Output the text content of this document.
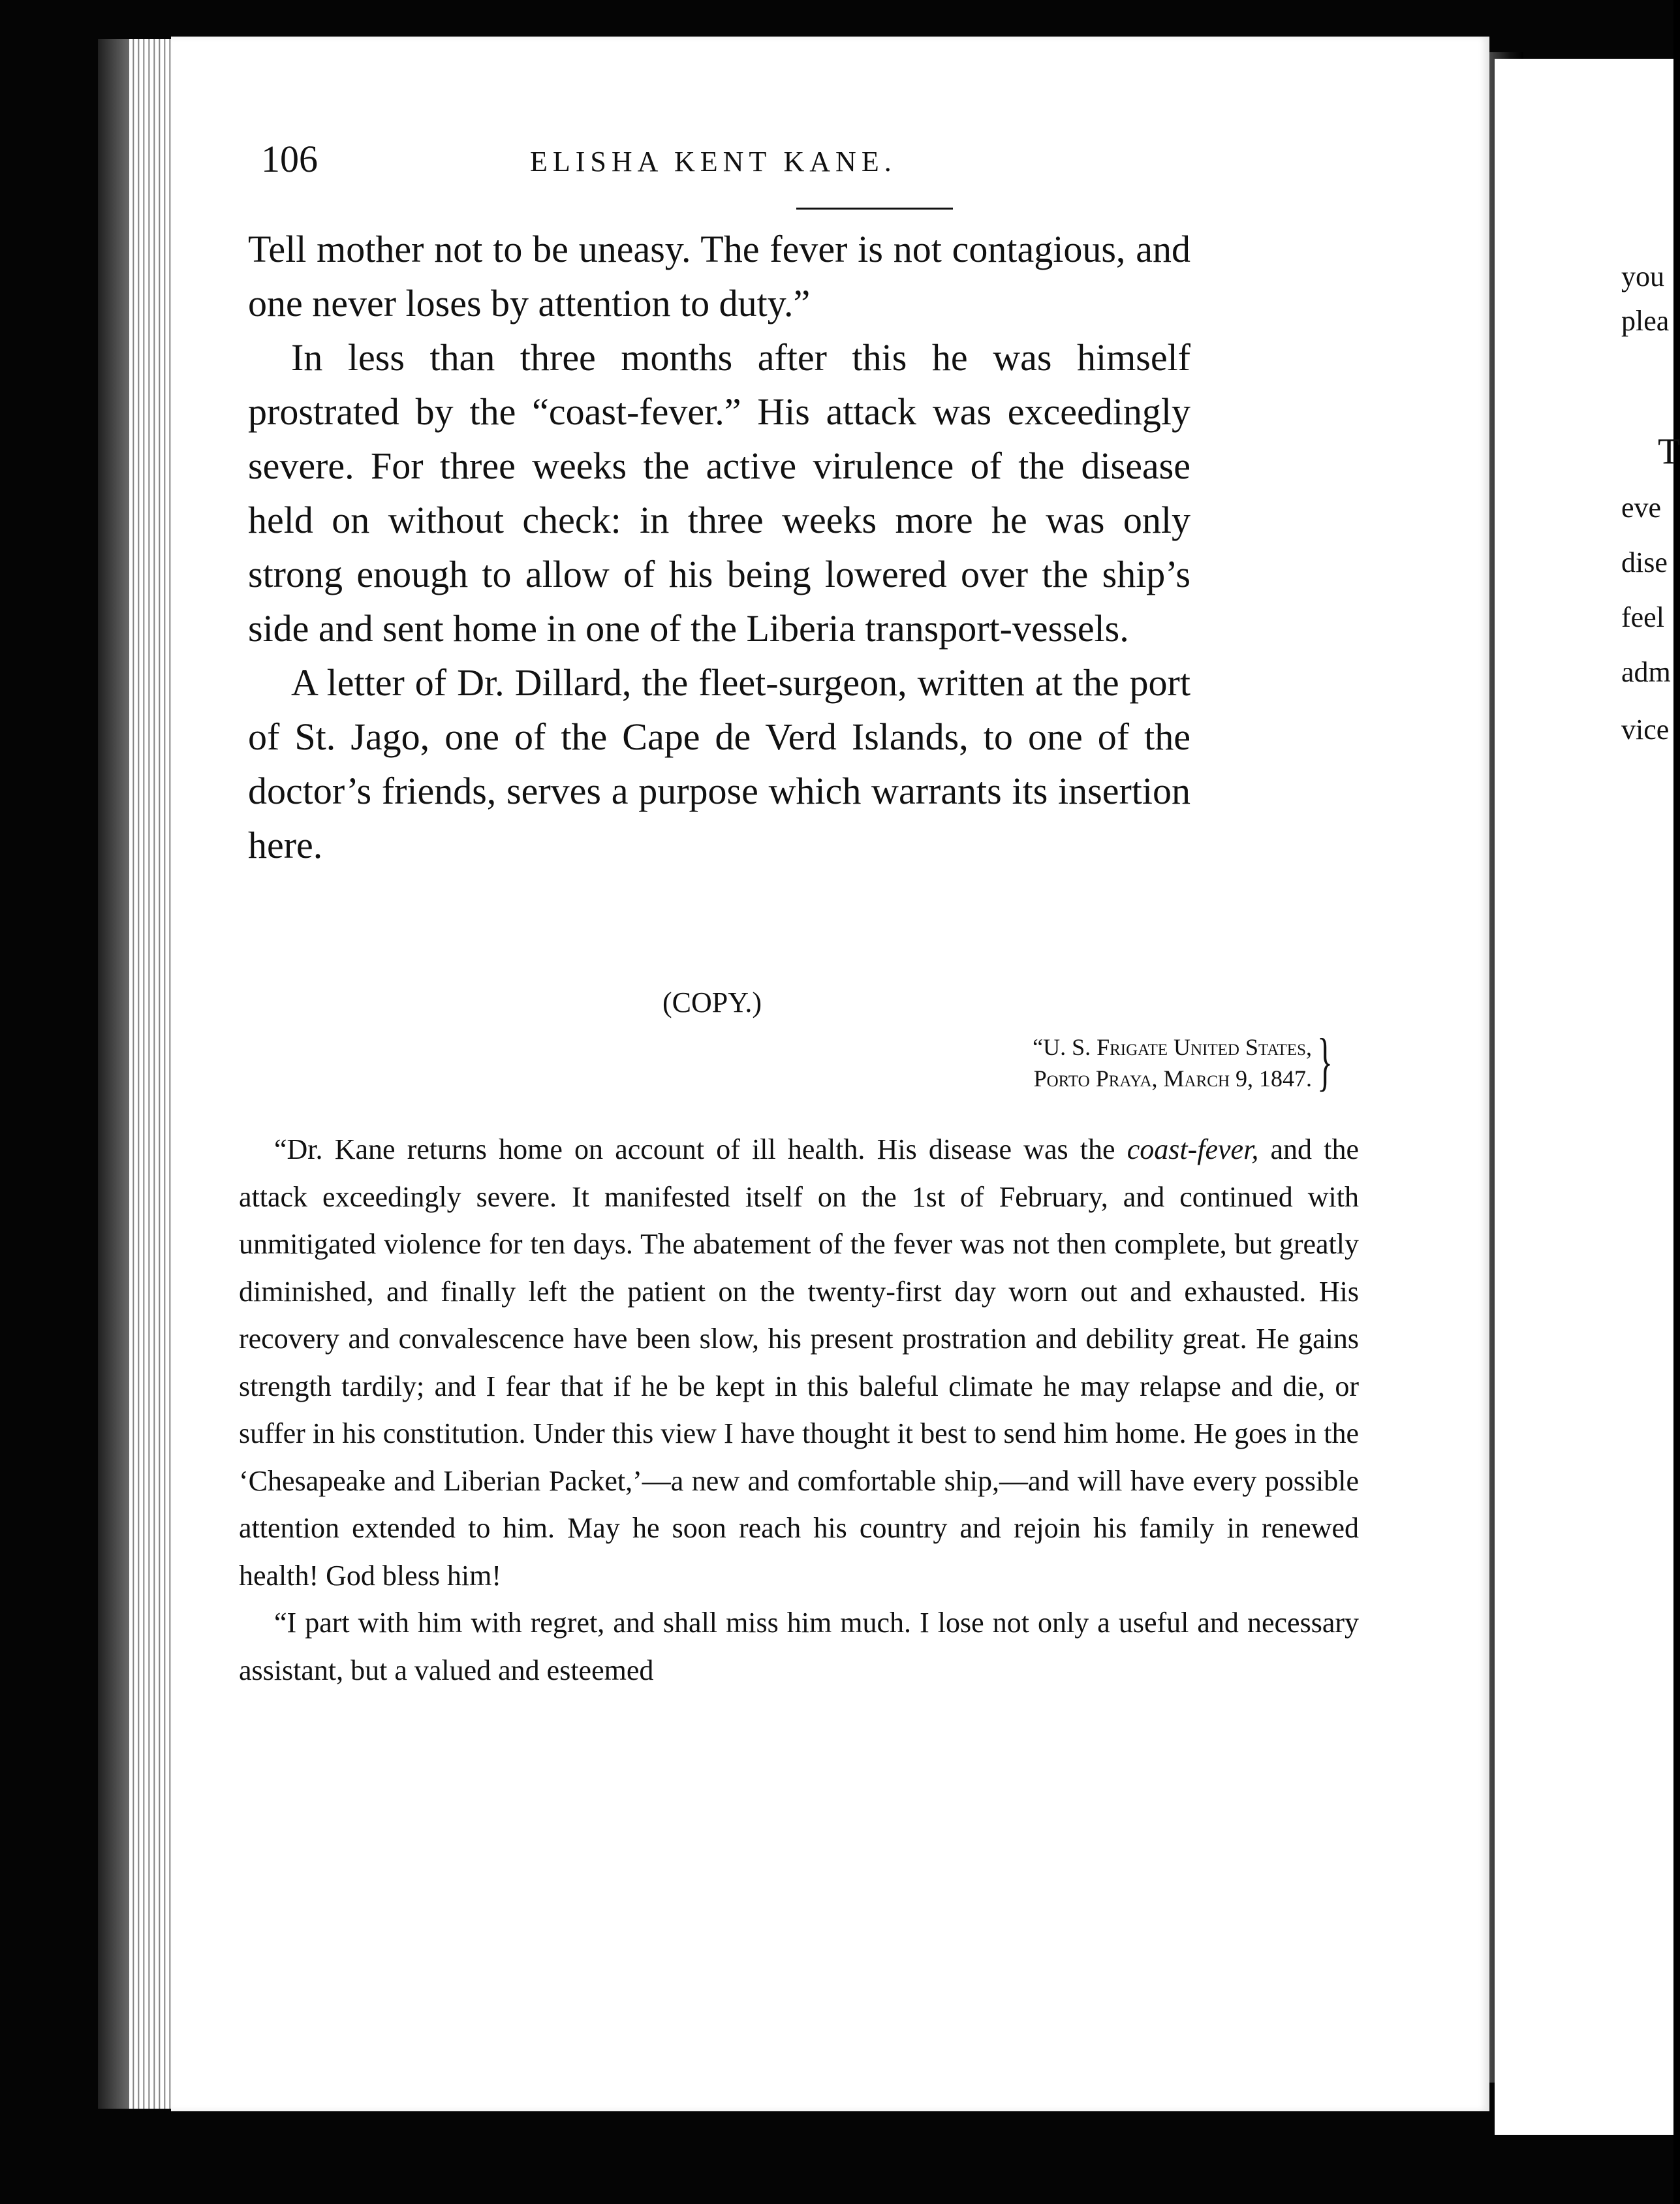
you
plea
T
eve
dise
feel
adm
vice
106	ELISHA KENT KANE.

Tell mother not to be uneasy. The fever is not contagious, and one never loses by attention to duty.”

In less than three months after this he was himself prostrated by the “coast-fever.” His attack was exceedingly severe. For three weeks the active virulence of the disease held on without check: in three weeks more he was only strong enough to allow of his being lowered over the ship’s side and sent home in one of the Liberia transport-vessels.

A letter of Dr. Dillard, the fleet-surgeon, written at the port of St. Jago, one of the Cape de Verd Islands, to one of the doctor’s friends, serves a purpose which warrants its insertion here.

(COPY.)
“U. S. Frigate United States,
Porto Praya, March 9, 1847. }

“Dr. Kane returns home on account of ill health. His disease was the coast-fever, and the attack exceedingly severe. It manifested itself on the 1st of February, and continued with unmitigated violence for ten days. The abatement of the fever was not then complete, but greatly diminished, and finally left the patient on the twenty-first day worn out and exhausted. His recovery and convalescence have been slow, his present prostration and debility great. He gains strength tardily; and I fear that if he be kept in this baleful climate he may relapse and die, or suffer in his constitution. Under this view I have thought it best to send him home. He goes in the ‘Chesapeake and Liberian Packet,’—a new and comfortable ship,—and will have every possible attention extended to him. May he soon reach his country and rejoin his family in renewed health! God bless him!

“I part with him with regret, and shall miss him much. I lose not only a useful and necessary assistant, but a valued and esteemed
